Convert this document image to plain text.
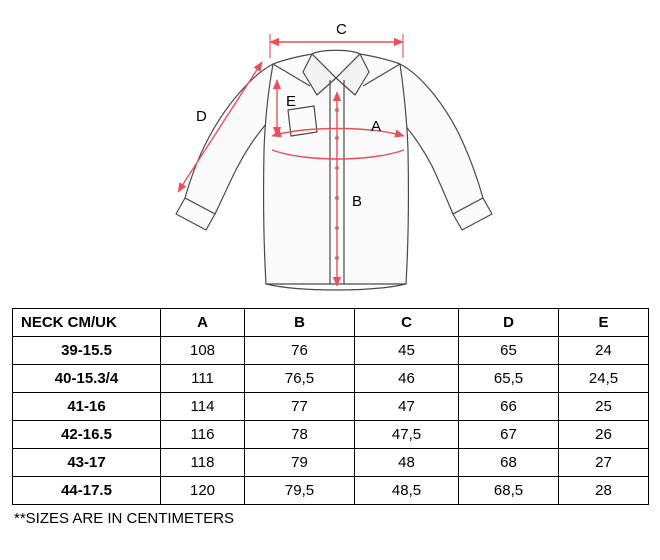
C
A
B
D
E
NECK CM/UK	A	B	C	D	E
39-15.5	108	76	45	65	24
40-15.3/4	111	76,5	46	65,5	24,5
41-16	114	77	47	66	25
42-16.5	116	78	47,5	67	26
43-17	118	79	48	68	27
44-17.5	120	79,5	48,5	68,5	28
**SIZES ARE IN CENTIMETERS
